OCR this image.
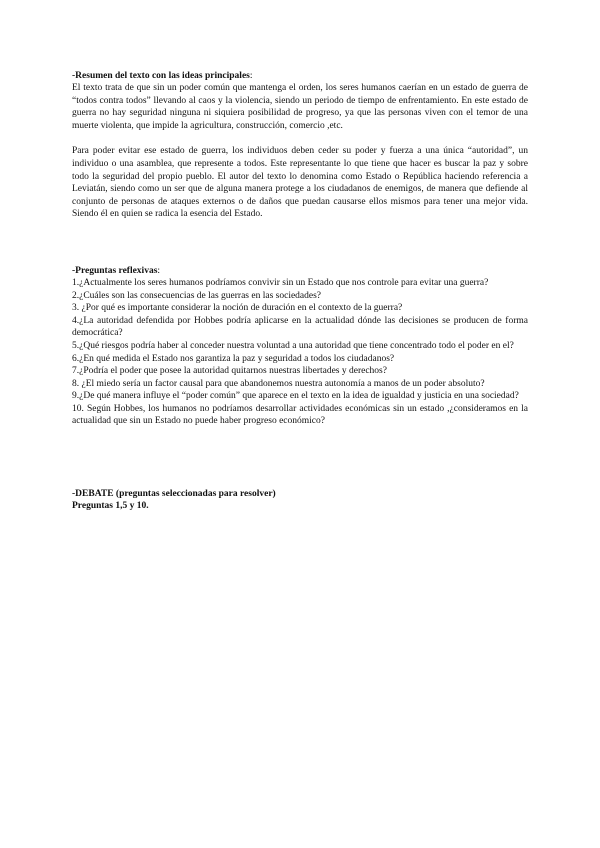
-Resumen del texto con las ideas principales:

El texto trata de que sin un poder común que mantenga el orden, los seres humanos caerían en un estado de guerra de “todos contra todos” llevando al caos y la violencia, siendo un periodo de tiempo de enfrentamiento. En este estado de guerra no hay seguridad ninguna ni siquiera posibilidad de progreso, ya que las personas viven con el temor de una muerte violenta, que impide la agricultura, construcción, comercio ,etc.

Para poder evitar ese estado de guerra, los individuos deben ceder su poder y fuerza a una única “autoridad”, un individuo o una asamblea, que represente a todos. Este representante lo que tiene que hacer es buscar la paz y sobre todo la seguridad del propio pueblo. El autor del texto lo denomina como Estado o República haciendo referencia a Leviatán, siendo como un ser que de alguna manera protege a los ciudadanos de enemigos, de manera que defiende al conjunto de personas de ataques externos o de daños que puedan causarse ellos mismos para tener una mejor vida. Siendo él en quien se radica la esencia del Estado.

-Preguntas reflexivas:
1.¿Actualmente los seres humanos podríamos convivir sin un Estado que nos controle para evitar una guerra?
2.¿Cuáles son las consecuencias de las guerras en las sociedades?
3. ¿Por qué es importante considerar la noción de duración en el contexto de la guerra?
4.¿La autoridad defendida por Hobbes podría aplicarse en la actualidad dónde las decisiones se producen de forma democrática?
5.¿Qué riesgos podría haber al conceder nuestra voluntad a una autoridad que tiene concentrado todo el poder en el?
6.¿En qué medida el Estado nos garantiza la paz y seguridad a todos los ciudadanos?
7.¿Podría el poder que posee la autoridad quitarnos nuestras libertades y derechos?
8. ¿El miedo sería un factor causal para que abandonemos nuestra autonomía a manos de un poder absoluto?
9.¿De qué manera influye el “poder común” que aparece en el texto en la idea de igualdad y justicia en una sociedad?
10. Según Hobbes, los humanos no podríamos desarrollar actividades económicas sin un estado ,¿consideramos en la actualidad que sin un Estado no puede haber progreso económico?
-DEBATE (preguntas seleccionadas para resolver)
Preguntas 1,5 y 10.
